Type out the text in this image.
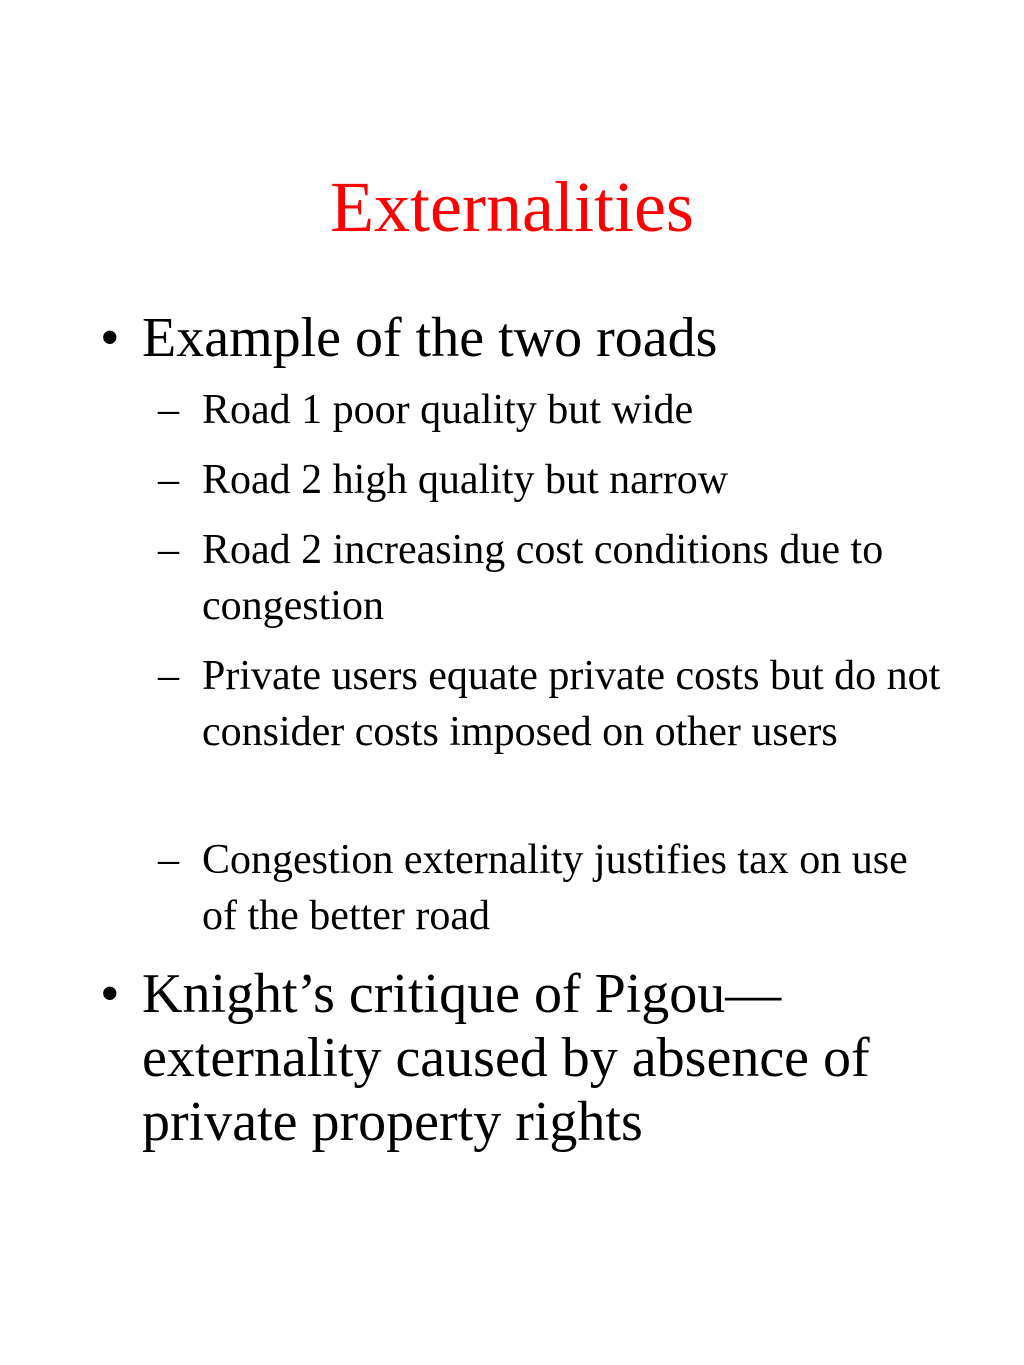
Externalities
• Example of the two roads
– Road 1 poor quality but wide
– Road 2 high quality but narrow
– Road 2 increasing cost conditions due to congestion
– Private users equate private costs but do not consider costs imposed on other users
– Congestion externality justifies tax on use of the better road
• Knight’s critique of Pigou—externality caused by absence of private property rights
